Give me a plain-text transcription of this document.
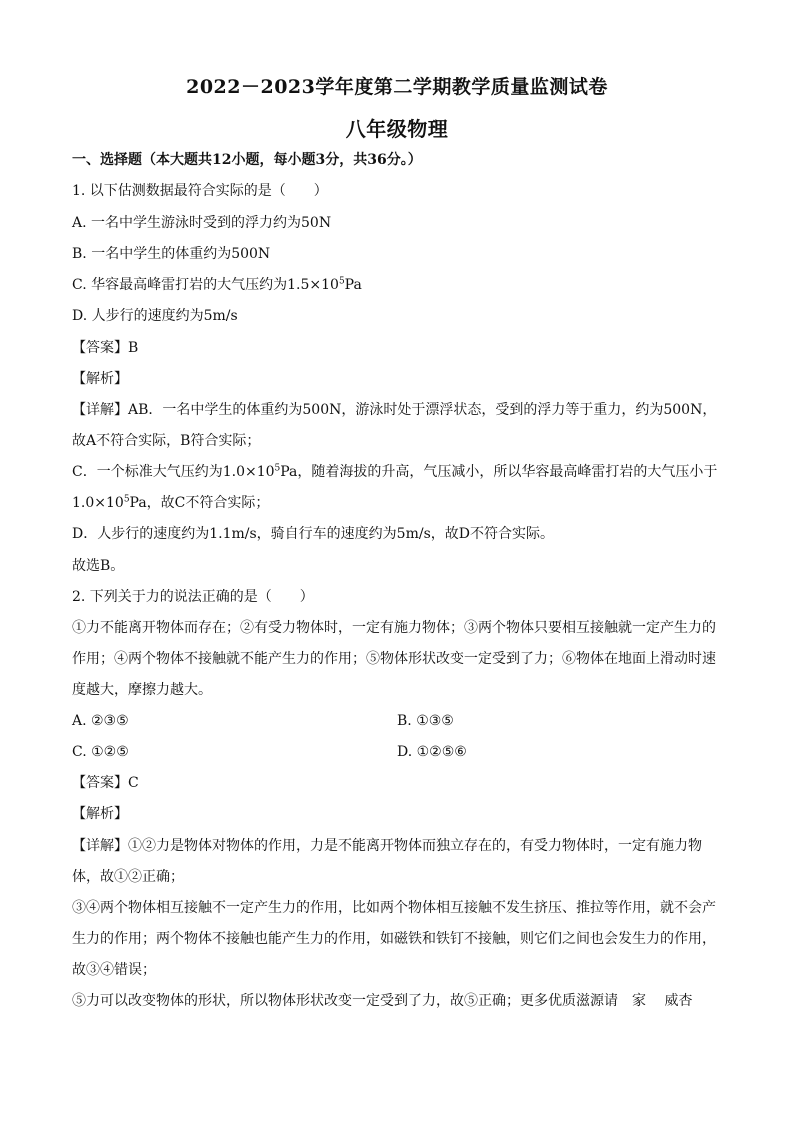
2022－2023学年度第二学期教学质量监测试卷
八年级物理
一、选择题（本大题共12小题，每小题3分，共36分。）
1. 以下估测数据最符合实际的是（　　）
A. 一名中学生游泳时受到的浮力约为50N
B. 一名中学生的体重约为500N
C. 华容最高峰雷打岩的大气压约为$1.5\times 10^5Pa$
D. 人步行的速度约为5m/s
【答案】B
【解析】
【详解】AB．一名中学生的体重约为500N，游泳时处于漂浮状态，受到的浮力等于重力，约为500N，
故A不符合实际，B符合实际；
C．一个标准大气压约为$1.0\times 10^5Pa$，随着海拔的升高，气压减小，所以华容最高峰雷打岩的大气压小于
$1.0\times 10^5Pa$，故C不符合实际；
D．人步行的速度约为1.1m/s，骑自行车的速度约为5m/s，故D不符合实际。
故选B。
2. 下列关于力的说法正确的是（　　）
①力不能离开物体而存在；②有受力物体时，一定有施力物体；③两个物体只要相互接触就一定产生力的
作用；④两个物体不接触就不能产生力的作用；⑤物体形状改变一定受到了力；⑥物体在地面上滑动时速
度越大，摩擦力越大。
A. ②③⑤	B. ①③⑤
C. ①②⑤	D. ①②⑤⑥
【答案】C
【解析】
【详解】①②力是物体对物体的作用，力是不能离开物体而独立存在的，有受力物体时，一定有施力物
体，故①②正确；
③④两个物体相互接触不一定产生力的作用，比如两个物体相互接触不发生挤压、推拉等作用，就不会产
生力的作用；两个物体不接触也能产生力的作用，如磁铁和铁钉不接触，则它们之间也会发生力的作用，
故③④错误；
⑤力可以改变物体的形状，所以物体形状改变一定受到了力，故⑤正确；更多优质滋源请　家　 威杏
